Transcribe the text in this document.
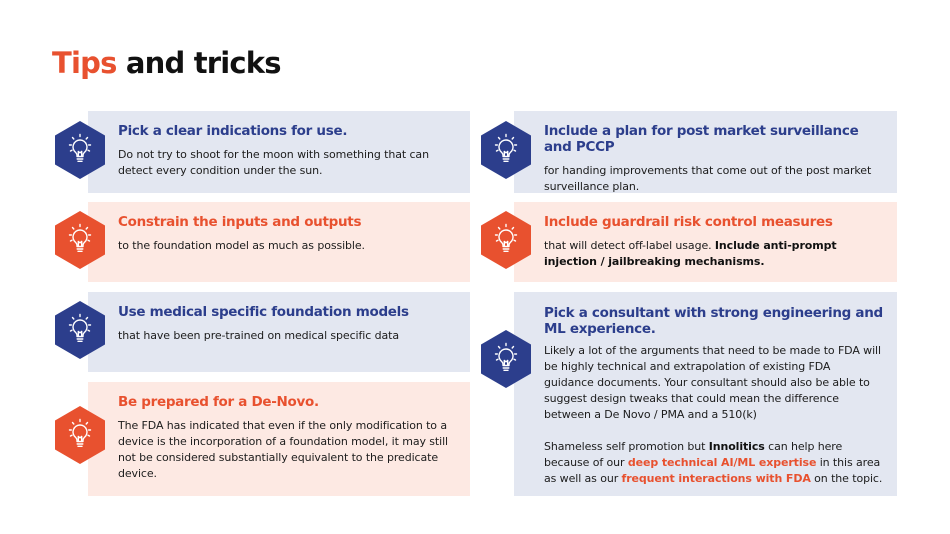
Tips and tricks
Pick a clear indications for use.

Do not try to shoot for the moon with something that can detect every condition under the sun.

Constrain the inputs and outputs

to the foundation model as much as possible.

Use medical specific foundation models

that have been pre-trained on medical specific data

Be prepared for a De-Novo.

The FDA has indicated that even if the only modification to a device is the incorporation of a foundation model, it may still not be considered substantially equivalent to the predicate device.

Include a plan for post market surveillance and PCCP

for handing improvements that come out of the post market surveillance plan.

Include guardrail risk control measures

that will detect off-label usage. Include anti-prompt injection / jailbreaking mechanisms.

Pick a consultant with strong engineering and ML experience.

Likely a lot of the arguments that need to be made to FDA will be highly technical and extrapolation of existing FDA guidance documents. Your consultant should also be able to suggest design tweaks that could mean the difference between a De Novo / PMA and a 510(k)

Shameless self promotion but Innolitics can help here because of our deep technical AI/ML expertise in this area as well as our frequent interactions with FDA on the topic.
